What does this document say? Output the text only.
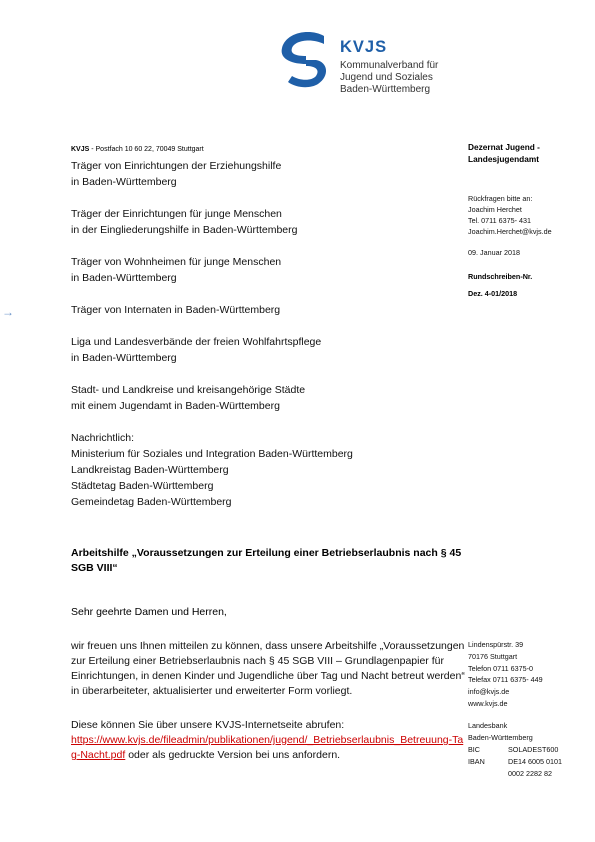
KVJS
Kommunalverband für
Jugend und Soziales
Baden-Württemberg
KVJS - Postfach 10 60 22, 70049 Stuttgart
Träger von Einrichtungen der Erziehungshilfe
in Baden-Württemberg
Träger der Einrichtungen für junge Menschen
in der Eingliederungshilfe in Baden-Württemberg
Träger von Wohnheimen für junge Menschen
in Baden-Württemberg
Träger von Internaten in Baden-Württemberg
Liga und Landesverbände der freien Wohlfahrtspflege
in Baden-Württemberg
Stadt- und Landkreise und kreisangehörige Städte
mit einem Jugendamt in Baden-Württemberg
Nachrichtlich:
Ministerium für Soziales und Integration Baden-Württemberg
Landkreistag Baden-Württemberg
Städtetag Baden-Württemberg
Gemeindetag Baden-Württemberg
→
Dezernat Jugend -
Landesjugendamt
Rückfragen bitte an:
Joachim Herchet
Tel. 0711 6375- 431
Joachim.Herchet@kvjs.de
09. Januar 2018
Rundschreiben-Nr.
Dez. 4-01/2018
Lindenspürstr. 39
70176 Stuttgart
Telefon 0711 6375-0
Telefax 0711 6375- 449
info@kvjs.de
www.kvjs.de
Landesbank
Baden-Württemberg
BIC	SOLADEST600
IBAN	DE14 6005 0101
0002 2282 82
Arbeitshilfe „Voraussetzungen zur Erteilung einer Betriebserlaubnis nach § 45 SGB VIII“
Sehr geehrte Damen und Herren,
wir freuen uns Ihnen mitteilen zu können, dass unsere Arbeitshilfe „Voraussetzungen zur Erteilung einer Betriebserlaubnis nach § 45 SGB VIII – Grundlagenpapier für Einrichtungen, in denen Kinder und Jugendliche über Tag und Nacht betreut werden“ in überarbeiteter, aktualisierter und erweiterter Form vorliegt.
Diese können Sie über unsere KVJS-Internetseite abrufen:
https://www.kvjs.de/fileadmin/publikationen/jugend/_Betriebserlaubnis_Betreuung-Tag-Nacht.pdf oder als gedruckte Version bei uns anfordern.
